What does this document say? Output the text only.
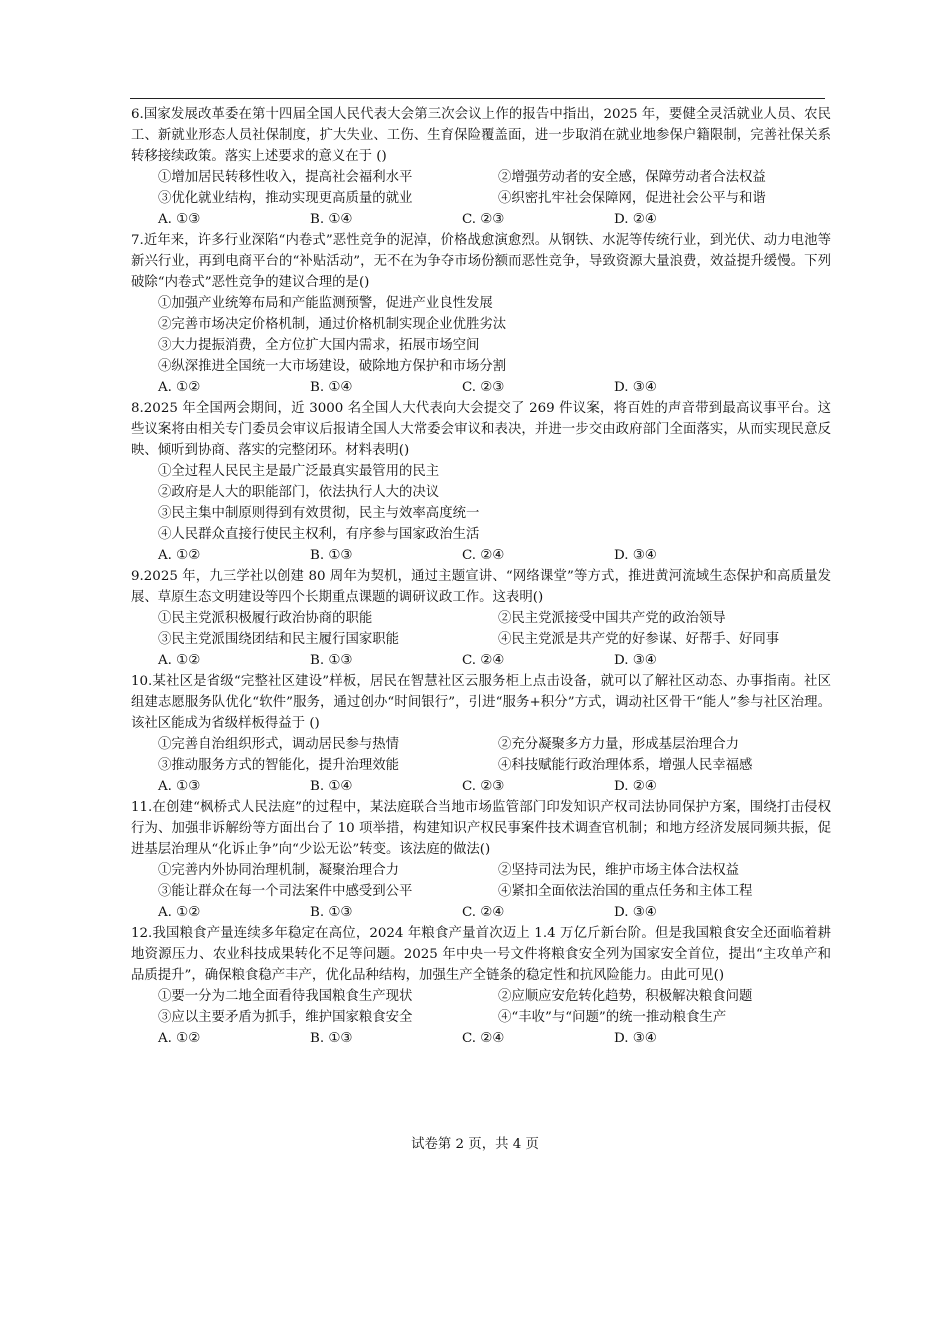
6.国家发展改革委在第十四届全国人民代表大会第三次会议上作的报告中指出，2025 年，要健全灵活就业人员、农民工、新就业形态人员社保制度，扩大失业、工伤、生育保险覆盖面，进一步取消在就业地参保户籍限制，完善社保关系转移接续政策。落实上述要求的意义在于 ()

①增加居民转移性收入，提高社会福利水平	②增强劳动者的安全感，保障劳动者合法权益
③优化就业结构，推动实现更高质量的就业	④织密扎牢社会保障网，促进社会公平与和谐
A. ①③	B. ①④	C. ②③	D. ②④

7.近年来，许多行业深陷“内卷式”恶性竞争的泥淖，价格战愈演愈烈。从钢铁、水泥等传统行业，到光伏、动力电池等新兴行业，再到电商平台的“补贴活动”，无不在为争夺市场份额而恶性竞争，导致资源大量浪费，效益提升缓慢。下列破除“内卷式”恶性竞争的建议合理的是()

①加强产业统筹布局和产能监测预警，促进产业良性发展

②完善市场决定价格机制，通过价格机制实现企业优胜劣汰

③大力提振消费，全方位扩大国内需求，拓展市场空间

④纵深推进全国统一大市场建设，破除地方保护和市场分割

A. ①②	B. ①④	C. ②③	D. ③④

8.2025 年全国两会期间，近 3000 名全国人大代表向大会提交了 269 件议案，将百姓的声音带到最高议事平台。这些议案将由相关专门委员会审议后报请全国人大常委会审议和表决，并进一步交由政府部门全面落实，从而实现民意反映、倾听到协商、落实的完整闭环。材料表明()

①全过程人民民主是最广泛最真实最管用的民主

②政府是人大的职能部门，依法执行人大的决议

③民主集中制原则得到有效贯彻，民主与效率高度统一

④人民群众直接行使民主权利，有序参与国家政治生活

A. ①②	B. ①③	C. ②④	D. ③④

9.2025 年，九三学社以创建 80 周年为契机，通过主题宣讲、“网络课堂”等方式，推进黄河流域生态保护和高质量发展、草原生态文明建设等四个长期重点课题的调研议政工作。这表明()

①民主党派积极履行政治协商的职能	②民主党派接受中国共产党的政治领导
③民主党派围绕团结和民主履行国家职能	④民主党派是共产党的好参谋、好帮手、好同事
A. ①②	B. ①③	C. ②④	D. ③④

10.某社区是省级“完整社区建设”样板，居民在智慧社区云服务柜上点击设备，就可以了解社区动态、办事指南。社区组建志愿服务队优化“软件”服务，通过创办“时间银行”，引进“服务+积分”方式，调动社区骨干“能人”参与社区治理。该社区能成为省级样板得益于 ()

①完善自治组织形式，调动居民参与热情	②充分凝聚多方力量，形成基层治理合力
③推动服务方式的智能化，提升治理效能	④科技赋能行政治理体系，增强人民幸福感
A. ①③	B. ①④	C. ②③	D. ②④

11.在创建“枫桥式人民法庭”的过程中，某法庭联合当地市场监管部门印发知识产权司法协同保护方案，围绕打击侵权行为、加强非诉解纷等方面出台了 10 项举措，构建知识产权民事案件技术调查官机制；和地方经济发展同频共振，促进基层治理从“化诉止争”向“少讼无讼”转变。该法庭的做法()

①完善内外协同治理机制，凝聚治理合力	②坚持司法为民，维护市场主体合法权益
③能让群众在每一个司法案件中感受到公平	④紧扣全面依法治国的重点任务和主体工程
A. ①②	B. ①③	C. ②④	D. ③④

12.我国粮食产量连续多年稳定在高位，2024 年粮食产量首次迈上 1.4 万亿斤新台阶。但是我国粮食安全还面临着耕地资源压力、农业科技成果转化不足等问题。2025 年中央一号文件将粮食安全列为国家安全首位，提出“主攻单产和品质提升”，确保粮食稳产丰产，优化品种结构，加强生产全链条的稳定性和抗风险能力。由此可见()

①要一分为二地全面看待我国粮食生产现状	②应顺应安危转化趋势，积极解决粮食问题
③应以主要矛盾为抓手，维护国家粮食安全	④“丰收”与“问题”的统一推动粮食生产
A. ①②	B. ①③	C. ②④	D. ③④
试卷第 2 页，共 4 页
